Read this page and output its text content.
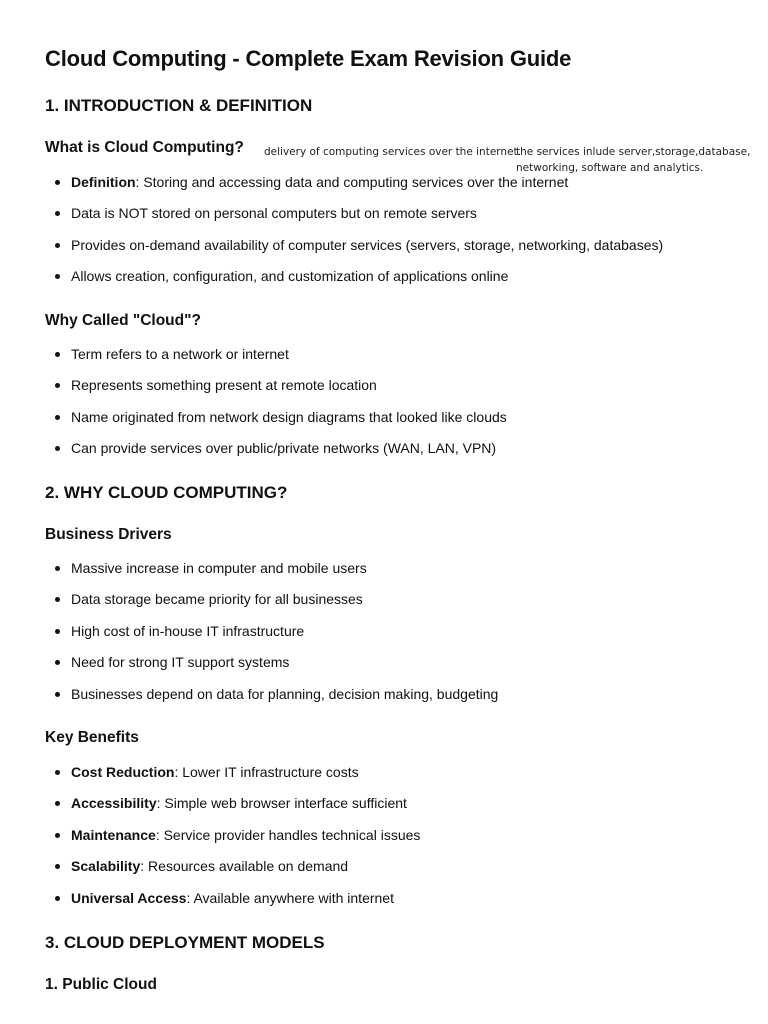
Cloud Computing - Complete Exam Revision Guide
1. INTRODUCTION & DEFINITION
What is Cloud Computing? delivery of computing services over the internet.
the services inlude server,storage,database,
networking, software and analytics.
Definition: Storing and accessing data and computing services over the internet
Data is NOT stored on personal computers but on remote servers
Provides on-demand availability of computer services (servers, storage, networking, databases)
Allows creation, configuration, and customization of applications online
Why Called "Cloud"?
Term refers to a network or internet
Represents something present at remote location
Name originated from network design diagrams that looked like clouds
Can provide services over public/private networks (WAN, LAN, VPN)
2. WHY CLOUD COMPUTING?
Business Drivers
Massive increase in computer and mobile users
Data storage became priority for all businesses
High cost of in-house IT infrastructure
Need for strong IT support systems
Businesses depend on data for planning, decision making, budgeting
Key Benefits
Cost Reduction: Lower IT infrastructure costs
Accessibility: Simple web browser interface sufficient
Maintenance: Service provider handles technical issues
Scalability: Resources available on demand
Universal Access: Available anywhere with internet
3. CLOUD DEPLOYMENT MODELS
1. Public Cloud
